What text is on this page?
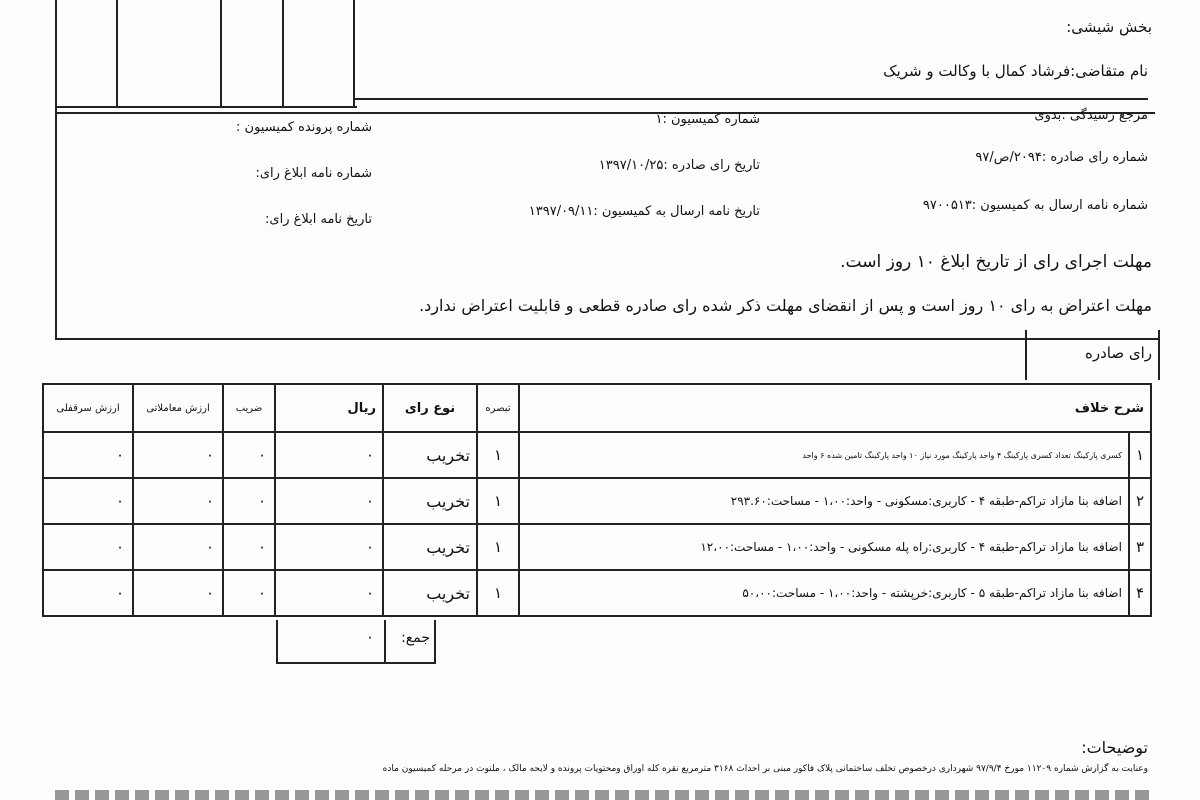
بخش شیشی:
نام متقاضی:فرشاد کمال با وکالت و شریک
مرجع رسیدگی :بدوی
شماره کمیسیون :۱
شماره پرونده کمیسیون :
شماره رای صادره :۲۰۹۴/ص/۹۷
تاریخ رای صادره :۱۳۹۷/۱۰/۲۵
شماره نامه ابلاغ رای:
شماره نامه ارسال به کمیسیون :۹۷۰۰۵۱۳
تاریخ نامه ارسال به کمیسیون :۱۳۹۷/۰۹/۱۱
تاریخ نامه ابلاغ رای:
مهلت اجرای رای از تاریخ ابلاغ ۱۰ روز است.
مهلت اعتراض به رای ۱۰ روز است و پس از انقضای مهلت ذکر شده رای صادره قطعی و قابلیت اعتراض ندارد.
رای صادره
شرح خلاف		تبصره	نوع رای	ریال	ضریب	ارزش معاملاتی	ارزش سرقفلی
۱	کسری پارکینگ تعداد کسری پارکینگ ۴ واحد پارکینگ مورد نیاز ۱۰ واحد پارکینگ تامین شده ۶ واحد	۱	تخریب	۰	۰	۰	۰
۲	اضافه بنا مازاد تراکم-طبقه ۴ - کاربری:مسکونی - واحد:۱،۰۰ - مساحت:۲۹۳.۶۰	۱	تخریب	۰	۰	۰	۰
۳	اضافه بنا مازاد تراکم-طبقه ۴ - کاربری:راه پله مسکونی - واحد:۱،۰۰ - مساحت:۱۲،۰۰	۱	تخریب	۰	۰	۰	۰
۴	اضافه بنا مازاد تراکم-طبقه ۵ - کاربری:خرپشته - واحد:۱،۰۰ - مساحت:۵۰،۰۰	۱	تخریب	۰	۰	۰	۰
جمع:
۰
توضیحات:
وعنایت به گزارش شماره ۱۱۲۰۹ مورخ ۹۷/۹/۴ شهرداری درخصوص تخلف ساختمانی پلاک فاکور مبنی بر احداث ۳۱۶۸ مترمربع نقره کله اوراق ومحتویات پرونده و لایحه مالک ، ملنوت در مرحله کمیسیون ماده
